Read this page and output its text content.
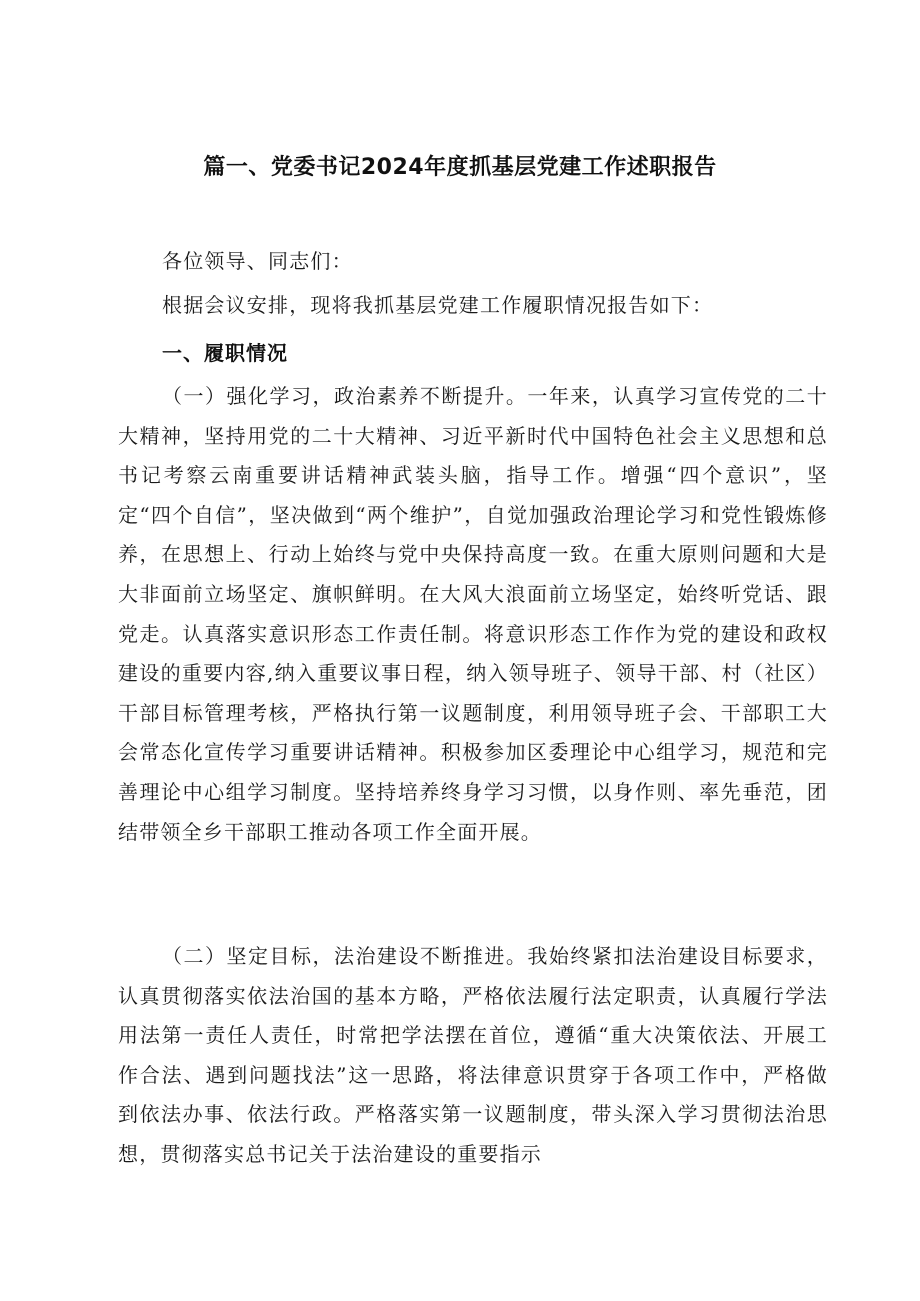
篇一、党委书记2024年度抓基层党建工作述职报告
各位领导、同志们：
根据会议安排，现将我抓基层党建工作履职情况报告如下：
一、履职情况
（一）强化学习，政治素养不断提升。一年来，认真学习宣传党的二十大精神，坚持用党的二十大精神、习近平新时代中国特色社会主义思想和总书记考察云南重要讲话精神武装头脑，指导工作。增强“四个意识”，坚定“四个自信”，坚决做到“两个维护”，自觉加强政治理论学习和党性锻炼修养，在思想上、行动上始终与党中央保持高度一致。在重大原则问题和大是大非面前立场坚定、旗帜鲜明。在大风大浪面前立场坚定，始终听党话、跟党走。认真落实意识形态工作责任制。将意识形态工作作为党的建设和政权建设的重要内容,纳入重要议事日程，纳入领导班子、领导干部、村（社区）干部目标管理考核，严格执行第一议题制度，利用领导班子会、干部职工大会常态化宣传学习重要讲话精神。积极参加区委理论中心组学习，规范和完善理论中心组学习制度。坚持培养终身学习习惯，以身作则、率先垂范，团结带领全乡干部职工推动各项工作全面开展。
（二）坚定目标，法治建设不断推进。我始终紧扣法治建设目标要求，认真贯彻落实依法治国的基本方略，严格依法履行法定职责，认真履行学法用法第一责任人责任，时常把学法摆在首位，遵循“重大决策依法、开展工作合法、遇到问题找法”这一思路，将法律意识贯穿于各项工作中，严格做到依法办事、依法行政。严格落实第一议题制度，带头深入学习贯彻法治思想，贯彻落实总书记关于法治建设的重要指示
